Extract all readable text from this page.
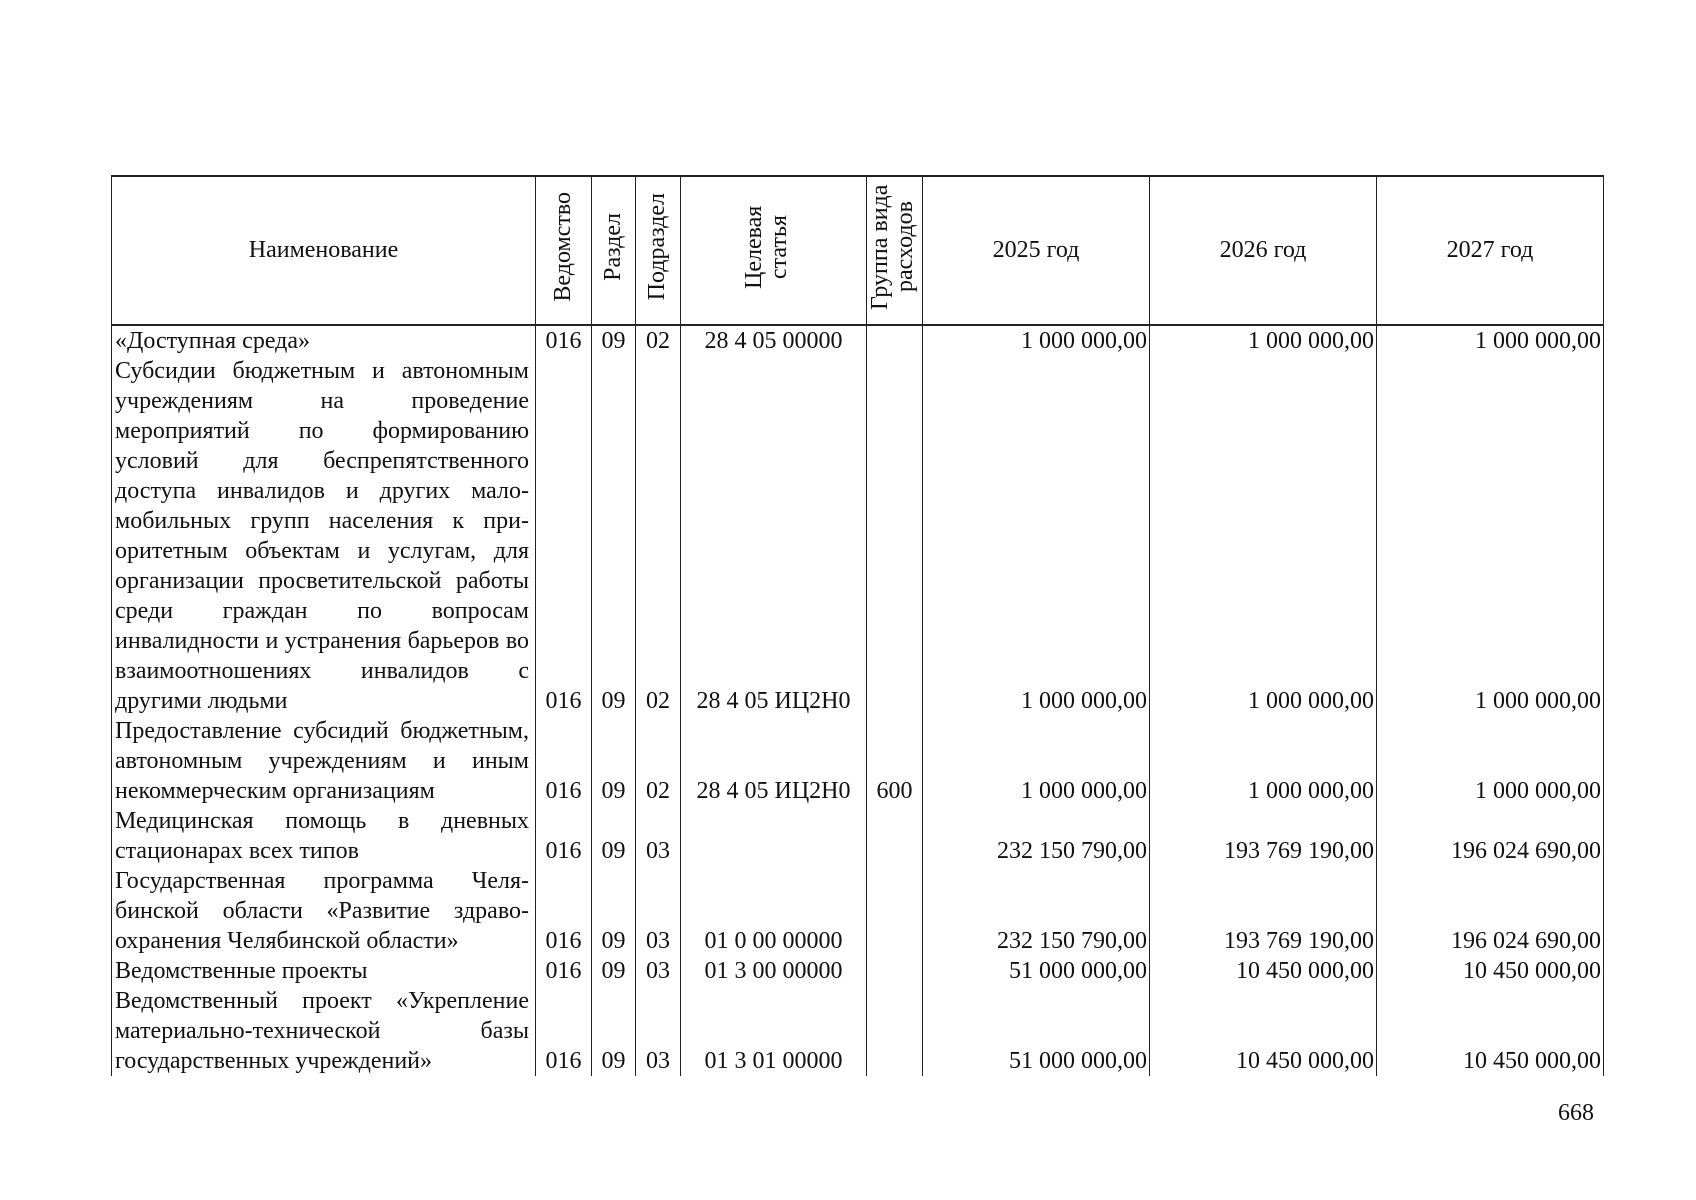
Наименование	Ведомство	Раздел	Подраздел	Целевая статья	Группа вида расходов	2025 год	2026 год	2027 год
«Доступная среда»	016	09	02	28 4 05 00000		1 000 000,00	1 000 000,00	1 000 000,00
Субсидии бюджетным и автономным учреждениям на проведение мероприятий по формированию условий для беспрепятственного доступа инвалидов и других маломобильных групп населения к приоритетным объектам и услугам, для организации просветительской работы среди граждан по вопросам инвалидности и устранения барьеров во взаимоотношениях инвалидов с другими людьми	016	09	02	28 4 05 ИЦ2Н0		1 000 000,00	1 000 000,00	1 000 000,00
Предоставление субсидий бюджетным, автономным учреждениям и иным некоммерческим организациям	016	09	02	28 4 05 ИЦ2Н0	600	1 000 000,00	1 000 000,00	1 000 000,00
Медицинская помощь в дневных стационарах всех типов	016	09	03			232 150 790,00	193 769 190,00	196 024 690,00
Государственная программа Челябинской области «Развитие здравоохранения Челябинской области»	016	09	03	01 0 00 00000		232 150 790,00	193 769 190,00	196 024 690,00
Ведомственные проекты	016	09	03	01 3 00 00000		51 000 000,00	10 450 000,00	10 450 000,00
Ведомственный проект «Укрепление материально-технической базы государственных учреждений»	016	09	03	01 3 01 00000		51 000 000,00	10 450 000,00	10 450 000,00
668
